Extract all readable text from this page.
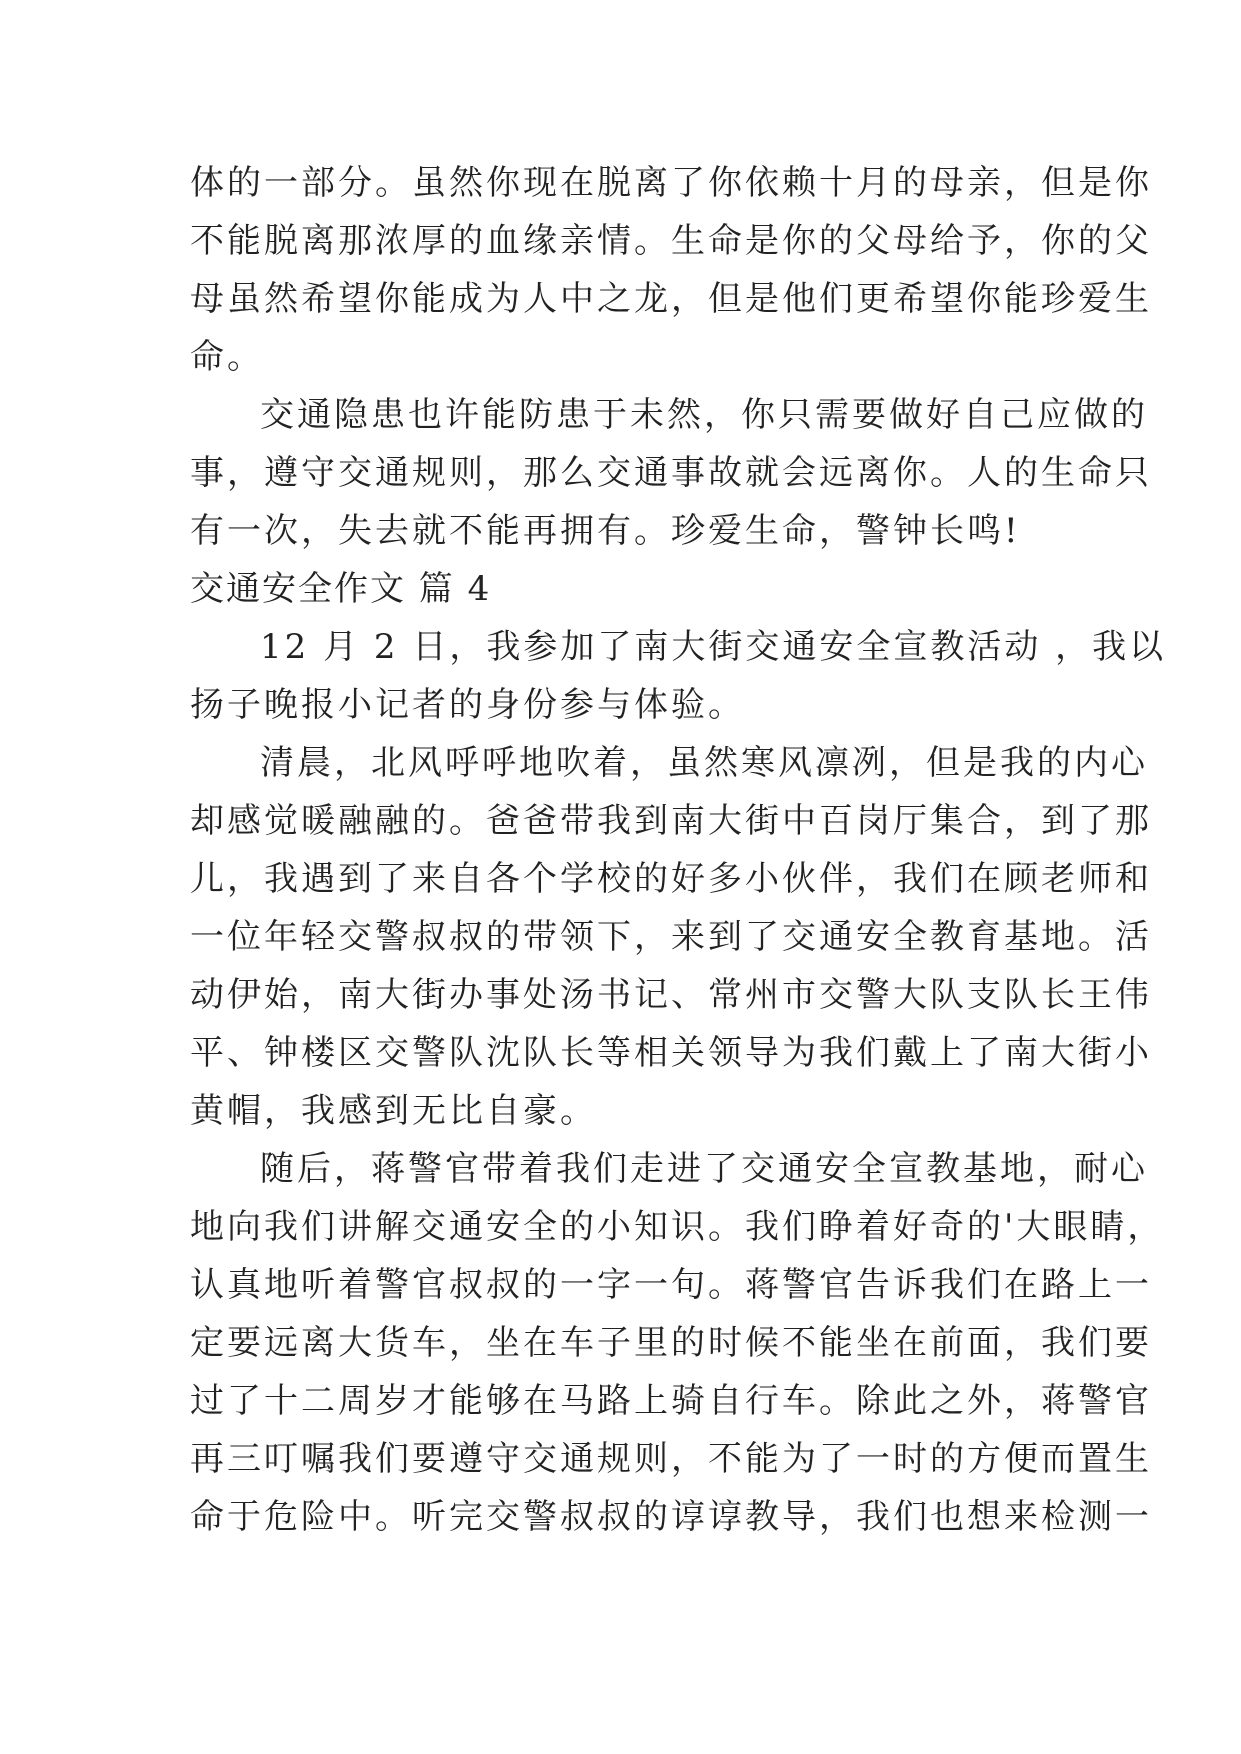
体的一部分。虽然你现在脱离了你依赖十月的母亲，但是你
不能脱离那浓厚的血缘亲情。生命是你的父母给予，你的父
母虽然希望你能成为人中之龙，但是他们更希望你能珍爱生
命。
交通隐患也许能防患于未然，你只需要做好自己应做的
事，遵守交通规则，那么交通事故就会远离你。人的生命只
有一次，失去就不能再拥有。珍爱生命，警钟长鸣!
交通安全作文 篇 4
12 月 2 日，我参加了南大街交通安全宣教活动 ，我以
扬子晚报小记者的身份参与体验。
清晨，北风呼呼地吹着，虽然寒风凛冽，但是我的内心
却感觉暖融融的。爸爸带我到南大街中百岗厅集合，到了那
儿，我遇到了来自各个学校的好多小伙伴，我们在顾老师和
一位年轻交警叔叔的带领下，来到了交通安全教育基地。活
动伊始，南大街办事处汤书记、常州市交警大队支队长王伟
平、钟楼区交警队沈队长等相关领导为我们戴上了南大街小
黄帽，我感到无比自豪。
随后，蒋警官带着我们走进了交通安全宣教基地，耐心
地向我们讲解交通安全的小知识。我们睁着好奇的'大眼睛，
认真地听着警官叔叔的一字一句。蒋警官告诉我们在路上一
定要远离大货车，坐在车子里的时候不能坐在前面，我们要
过了十二周岁才能够在马路上骑自行车。除此之外，蒋警官
再三叮嘱我们要遵守交通规则，不能为了一时的方便而置生
命于危险中。听完交警叔叔的谆谆教导，我们也想来检测一
